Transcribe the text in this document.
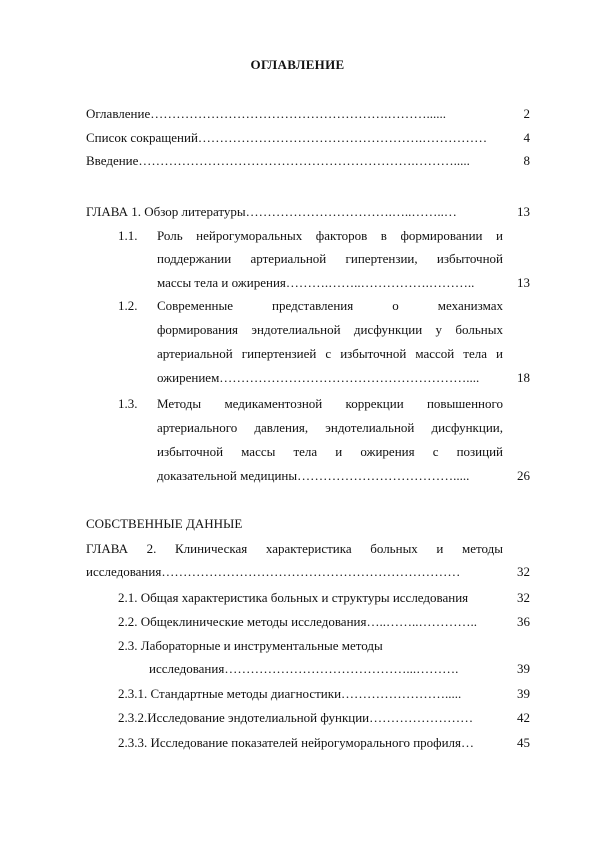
ОГЛАВЛЕНИЕ
Оглавление……………………………………………….………......	2
Список сокращений…………………………………………….……………	4
Введение……………………………………………………….……….....	8
ГЛАВА 1. Обзор литературы…………………………….…..……..…	13
1.1. Роль нейрогуморальных факторов в формировании и
поддержании артериальной гипертензии, избыточной
массы тела и ожирения……….……..…………….………..	13
1.2. Современные представления о механизмах
формирования эндотелиальной дисфункции у больных
артериальной гипертензией с избыточной массой тела и
ожирением…………………………………………………....	18
1.3. Методы медикаментозной коррекции повышенного
артериального давления, эндотелиальной дисфункции,
избыточной массы тела и ожирения с позиций
доказательной медицины……………………………….....	26
СОБСТВЕННЫЕ ДАННЫЕ
ГЛАВА 2. Клиническая характеристика больных и методы
исследования……………………………………………………………	32
2.1. Общая характеристика больных и структуры исследования	32
2.2. Общеклинические методы исследования…..……..…………..	36
2.3. Лабораторные и инструментальные методы
исследования……………………………………...……….	39
2.3.1. Стандартные методы диагностики…………………….....	39
2.3.2.Исследование эндотелиальной функции……………………	42
2.3.3. Исследование показателей нейрогуморального профиля…	45
